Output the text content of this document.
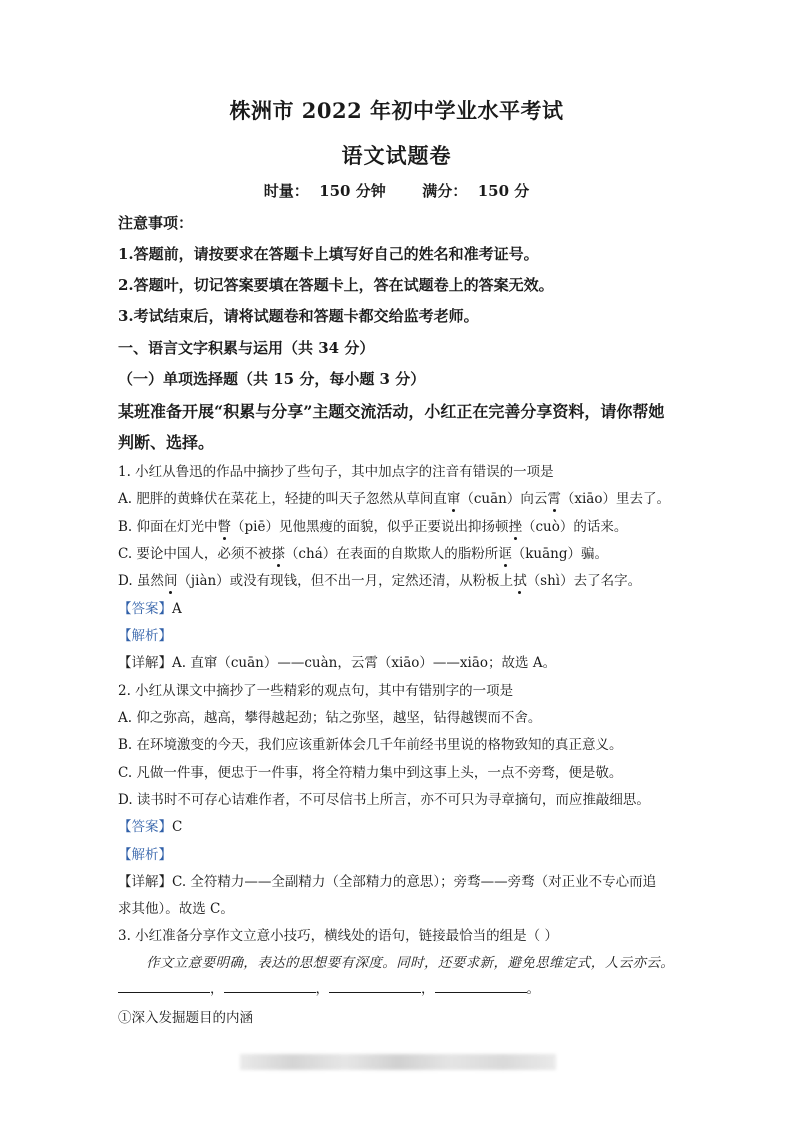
株洲市 2022 年初中学业水平考试
语文试题卷
时量：  150 分钟       满分：  150 分
注意事项：
1.答题前，请按要求在答题卡上填写好自己的姓名和准考证号。
2.答题叶，切记答案要填在答题卡上，答在试题卷上的答案无效。
3.考试结束后，请将试题卷和答题卡都交给监考老师。
一、语言文字积累与运用（共 34 分）
（一）单项选择题（共 15 分，每小题 3 分）
某班准备开展“积累与分享”主题交流活动，小红正在完善分享资料，请你帮她
判断、选择。
1. 小红从鲁迅的作品中摘抄了些句子，其中加点字的注音有错误的一项是
A. 肥胖的黄蜂伏在菜花上，轻捷的叫天子忽然从草间直窜（cuān）向云霄（xiāo）里去了。
B. 仰面在灯光中瞥（piē）见他黑瘦的面貌，似乎正要说出抑扬顿挫（cuò）的话来。
C. 要论中国人，必须不被搽（chá）在表面的自欺欺人的脂粉所诓（kuāng）骗。
D. 虽然间（jiàn）或没有现钱，但不出一月，定然还清，从粉板上拭（shì）去了名字。
【答案】A
【解析】
【详解】A. 直窜（cuān）——cuàn，云霄（xiāo）——xiāo；故选 A。
2. 小红从课文中摘抄了一些精彩的观点句，其中有错别字的一项是
A. 仰之弥高，越高，攀得越起劲；钻之弥坚，越坚，钻得越锲而不舍。
B. 在环境激变的今天，我们应该重新体会几千年前经书里说的格物致知的真正意义。
C. 凡做一件事，便忠于一件事，将全符精力集中到这事上头，一点不旁骛，便是敬。
D. 读书时不可存心诘难作者，不可尽信书上所言，亦不可只为寻章摘句，而应推敲细思。
【答案】C
【解析】
【详解】C. 全符精力——全副精力（全部精力的意思）；旁骛——旁骛（对正业不专心而追
求其他）。故选 C。
3. 小红准备分享作文立意小技巧，横线处的语句，链接最恰当的组是（ ）
作文立意要明确，表达的思想要有深度。同时，还要求新，避免思维定式，人云亦云。
，	，	，	。
①深入发掘题目的内涵
